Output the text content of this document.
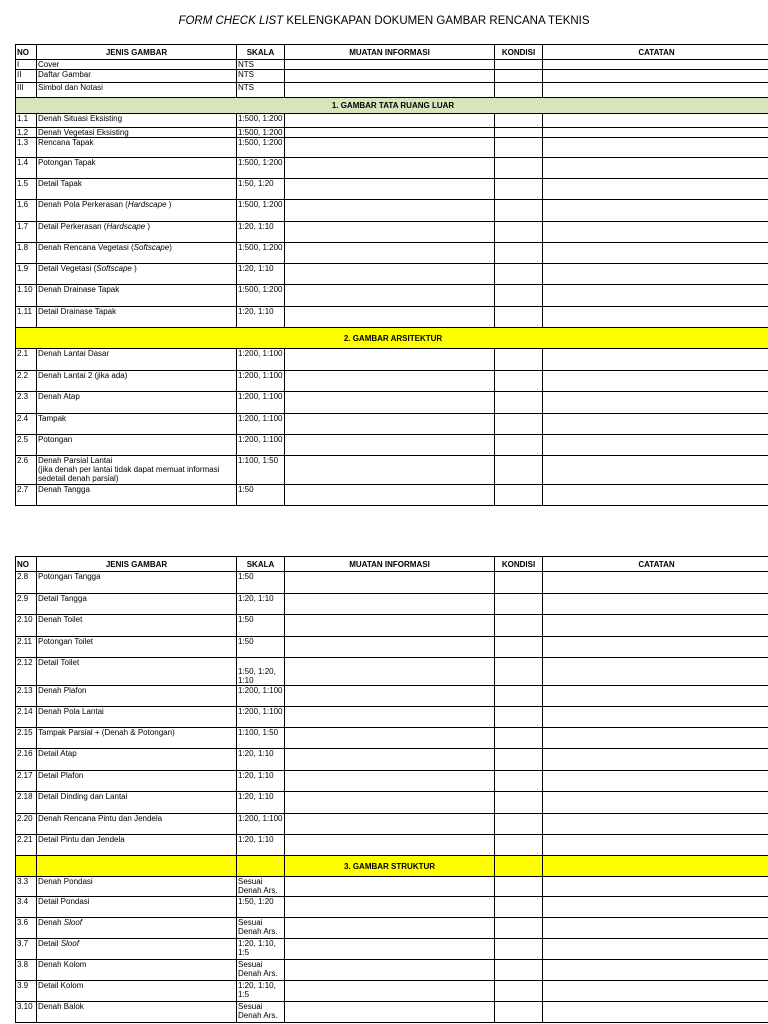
FORM CHECK LIST KELENGKAPAN DOKUMEN GAMBAR RENCANA TEKNIS
NO	JENIS GAMBAR	SKALA	MUATAN INFORMASI	KONDISI	CATATAN
I	Cover	NTS			
II	Daftar Gambar	NTS			
III	Simbol dan Notasi	NTS			
1. GAMBAR TATA RUANG LUAR					
1.1	Denah Situasi Eksisting	1:500, 1:200			
1.2	Denah Vegetasi Eksisting	1:500, 1:200			
1.3	Rencana Tapak	1:500, 1:200			
1.4	Potongan Tapak	1:500, 1:200			
1.5	Detail Tapak	1:50, 1:20			
1.6	Denah Pola Perkerasan (Hardscape )	1:500, 1:200			
1.7	Detail Perkerasan (Hardscape )	1:20, 1:10			
1.8	Denah Rencana Vegetasi (Softscape)	1:500, 1:200			
1.9	Detail Vegetasi (Softscape )	1:20, 1:10			
1.10	Denah Drainase Tapak	1:500, 1:200			
1.11	Detail Drainase Tapak	1:20, 1:10			
2. GAMBAR ARSITEKTUR					
2.1	Denah Lantai Dasar	1:200, 1:100			
2.2	Denah Lantai 2 (jika ada)	1:200, 1:100			
2.3	Denah Atap	1:200, 1:100			
2.4	Tampak	1:200, 1:100			
2.5	Potongan	1:200, 1:100			
2.6	Denah Parsial Lantai
(jika denah per lantai tidak dapat memuat informasi
sedetail denah parsial)	1:100, 1:50			
2.7	Denah Tangga	1:50			
NO	JENIS GAMBAR	SKALA	MUATAN INFORMASI	KONDISI	CATATAN
2.8	Potongan Tangga	1:50			
2.9	Detail Tangga	1:20, 1:10			
2.10	Denah Toilet	1:50			
2.11	Potongan Toilet	1:50			
2.12	Detail Toilet	1:50, 1:20,
1:10			
2.13	Denah Plafon	1:200, 1:100			
2.14	Denah Pola Lantai	1:200, 1:100			
2.15	Tampak Parsial + (Denah & Potongan)	1:100, 1:50			
2.16	Detail Atap	1:20, 1:10			
2.17	Detail Plafon	1:20, 1:10			
2.18	Detail Dinding dan Lantai	1:20, 1:10			
2.20	Denah Rencana Pintu dan Jendela	1:200, 1:100			
2.21	Detail Pintu dan Jendela	1:20, 1:10			
			3. GAMBAR STRUKTUR		
3.3	Denah Pondasi	Sesuai
Denah Ars.			
3.4	Detail Pondasi	1:50, 1:20			
3.6	Denah Sloof	Sesuai
Denah Ars.			
3.7	Detail Sloof	1:20, 1:10,
1:5			
3.8	Denah Kolom	Sesuai
Denah Ars.			
3.9	Detail Kolom	1:20, 1:10,
1:5			
3.10	Denah Balok	Sesuai
Denah Ars.			
